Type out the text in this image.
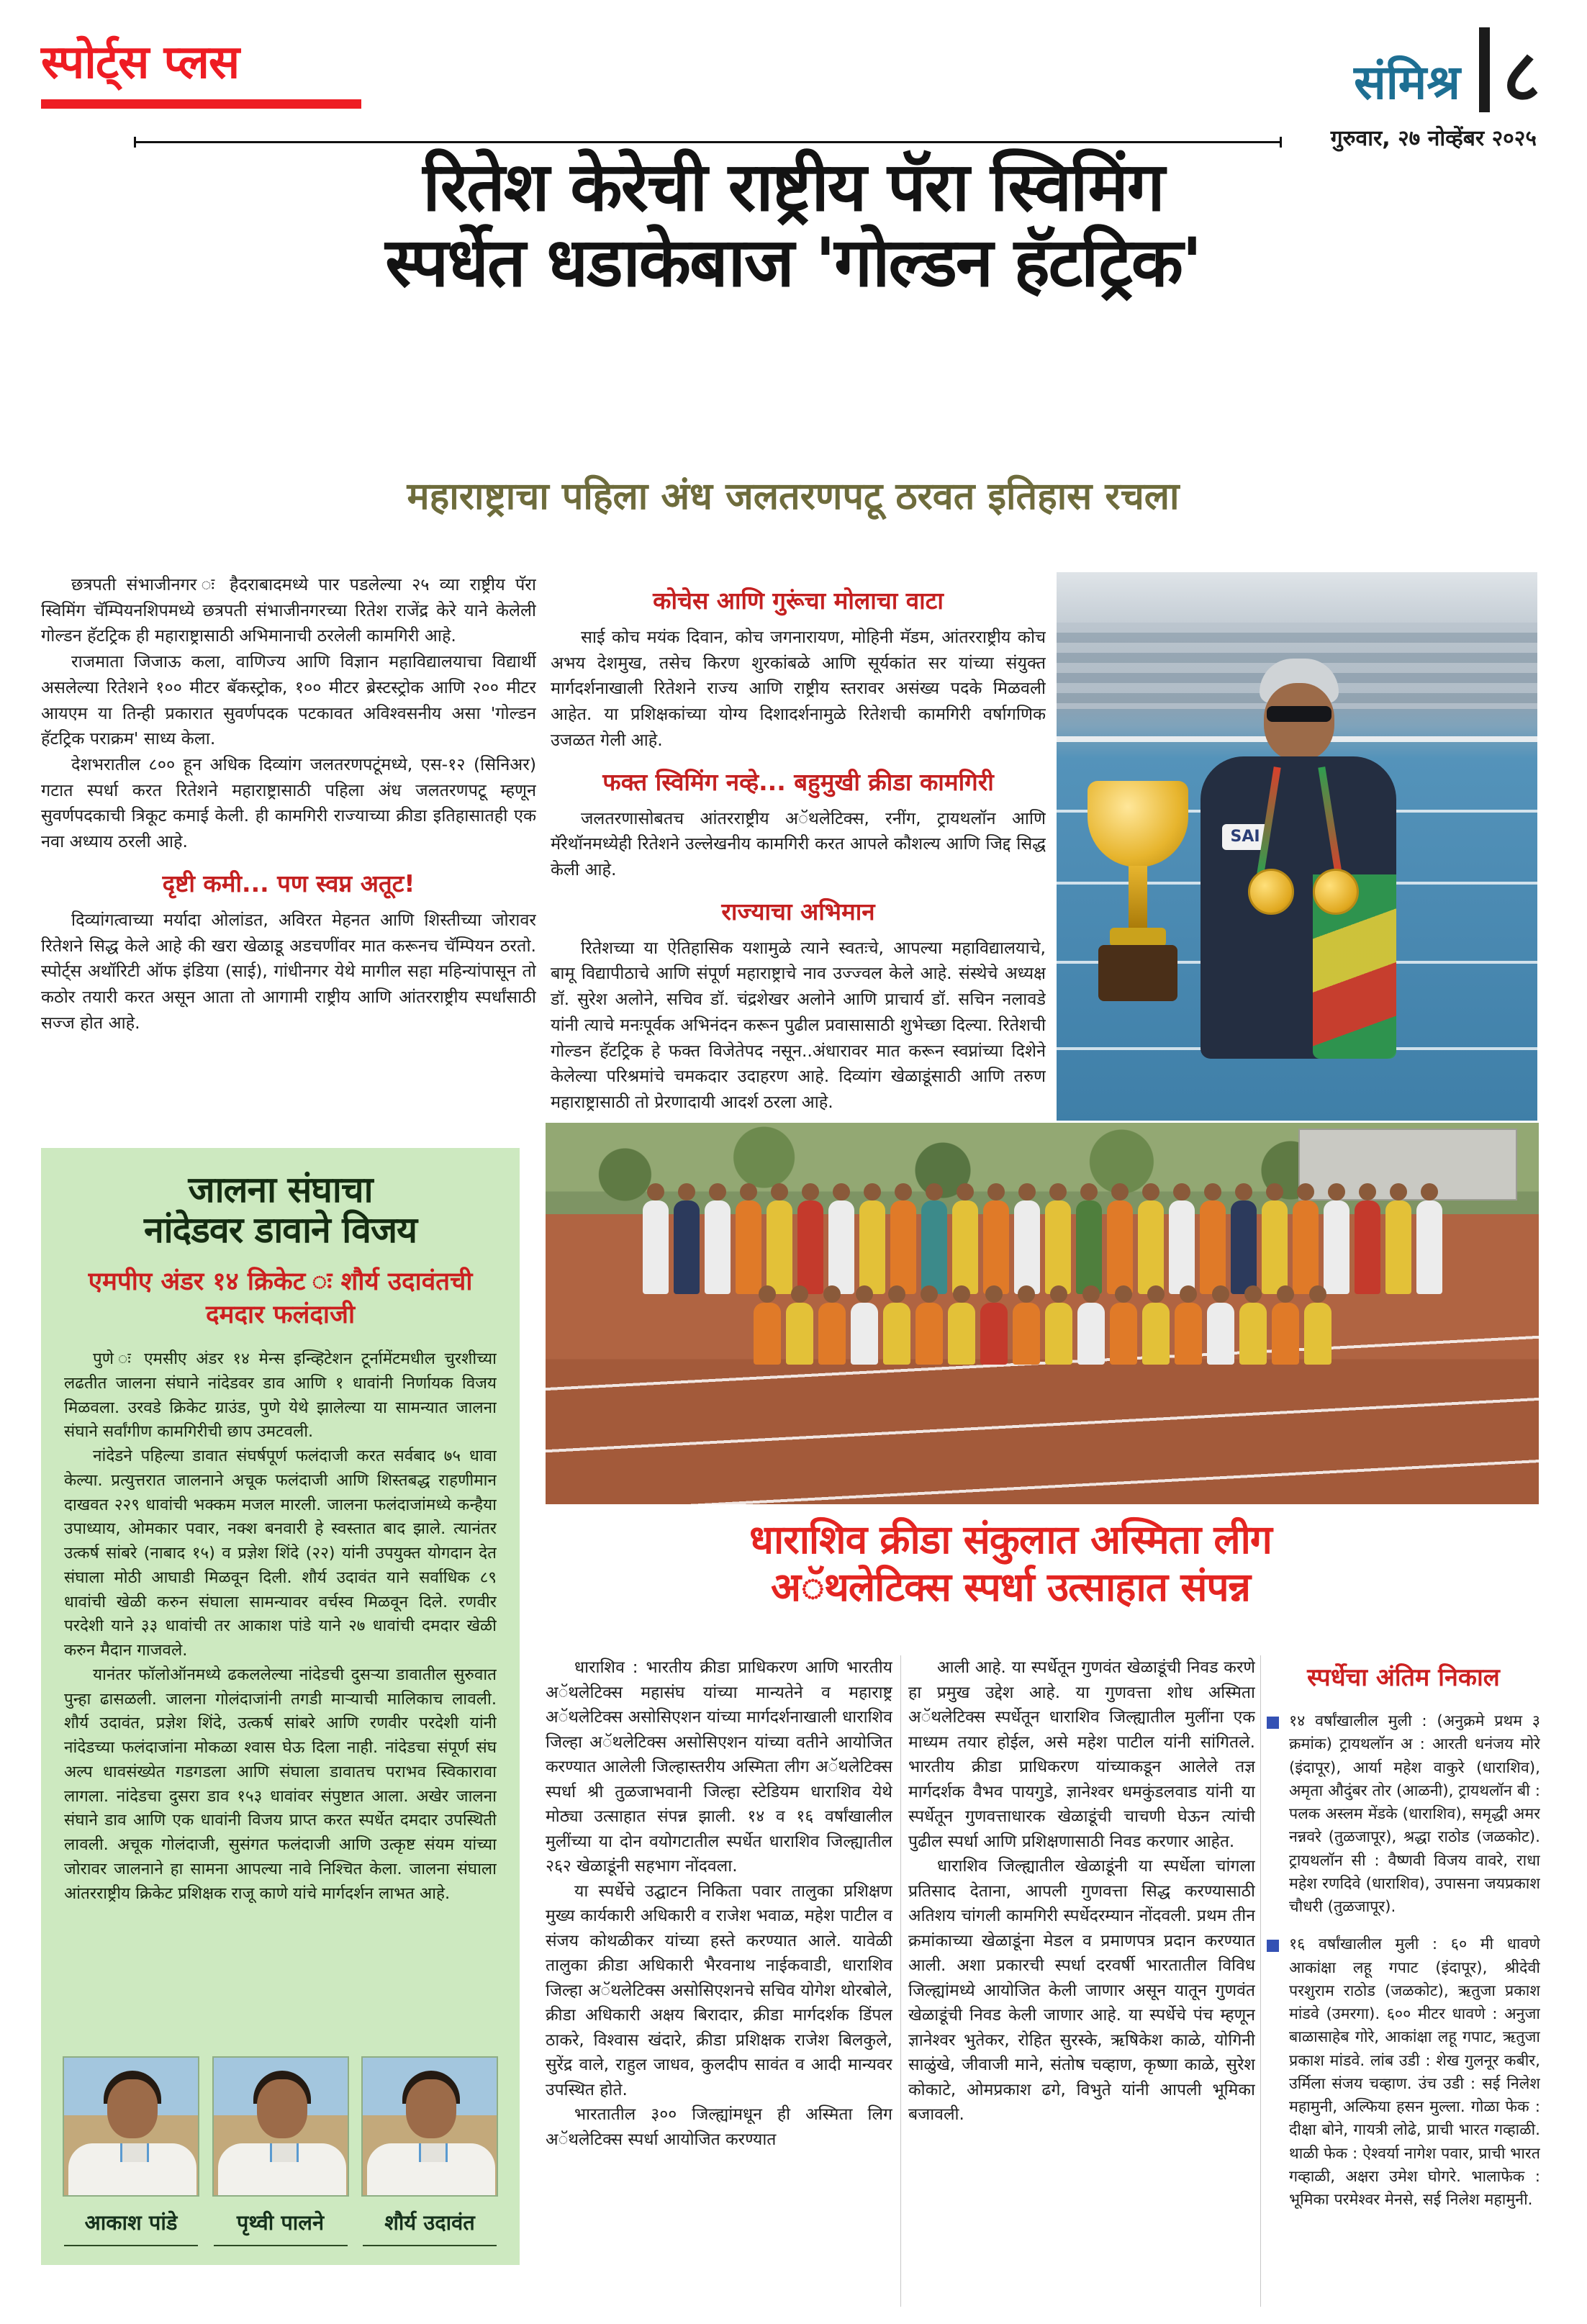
स्पोर्ट्स प्लस	संमिश्र ८
गुरुवार, २७ नोव्हेंबर २०२५
रितेश केरेची राष्ट्रीय पॅरा स्विमिंग
स्पर्धेत धडाकेबाज 'गोल्डन हॅटट्रिक'
महाराष्ट्राचा पहिला अंध जलतरणपटू ठरवत इतिहास रचला

छत्रपती संभाजीनगर ः हैदराबादमध्ये पार पडलेल्या २५ व्या राष्ट्रीय पॅरा स्विमिंग चॅम्पियनशिपमध्ये छत्रपती संभाजीनगरच्या रितेश राजेंद्र केरे याने केलेली गोल्डन हॅटट्रिक ही महाराष्ट्रासाठी अभिमानाची ठरलेली कामगिरी आहे.

राजमाता जिजाऊ कला, वाणिज्य आणि विज्ञान महाविद्यालयाचा विद्यार्थी असलेल्या रितेशने १०० मीटर बॅकस्ट्रोक, १०० मीटर ब्रेस्टस्ट्रोक आणि २०० मीटर आयएम या तिन्ही प्रकारात सुवर्णपदक पटकावत अविश्वसनीय असा 'गोल्डन हॅटट्रिक पराक्रम' साध्य केला.

देशभरातील ८०० हून अधिक दिव्यांग जलतरणपटूंमध्ये, एस-१२ (सिनिअर) गटात स्पर्धा करत रितेशने महाराष्ट्रासाठी पहिला अंध जलतरणपटू म्हणून सुवर्णपदकाची त्रिकूट कमाई केली. ही कामगिरी राज्याच्या क्रीडा इतिहासातही एक नवा अध्याय ठरली आहे.

दृष्टी कमी... पण स्वप्न अतूट!

दिव्यांगत्वाच्या मर्यादा ओलांडत, अविरत मेहनत आणि शिस्तीच्या जोरावर रितेशने सिद्ध केले आहे की खरा खेळाडू अडचणींवर मात करूनच चॅम्पियन ठरतो. स्पोर्ट्स अथॉरिटी ऑफ इंडिया (साई), गांधीनगर येथे मागील सहा महिन्यांपासून तो कठोर तयारी करत असून आता तो आगामी राष्ट्रीय आणि आंतरराष्ट्रीय स्पर्धांसाठी सज्ज होत आहे.

कोचेस आणि गुरूंचा मोलाचा वाटा

साई कोच मयंक दिवान, कोच जगनारायण, मोहिनी मॅडम, आंतरराष्ट्रीय कोच अभय देशमुख, तसेच किरण शुरकांबळे आणि सूर्यकांत सर यांच्या संयुक्त मार्गदर्शनाखाली रितेशने राज्य आणि राष्ट्रीय स्तरावर असंख्य पदके मिळवली आहेत. या प्रशिक्षकांच्या योग्य दिशादर्शनामुळे रितेशची कामगिरी वर्षागणिक उजळत गेली आहे.

फक्त स्विमिंग नव्हे... बहुमुखी क्रीडा कामगिरी

जलतरणासोबतच आंतरराष्ट्रीय अॅथलेटिक्स, रनींग, ट्रायथलॉन आणि मॅरेथॉनमध्येही रितेशने उल्लेखनीय कामगिरी करत आपले कौशल्य आणि जिद्द सिद्ध केली आहे.

राज्याचा अभिमान

रितेशच्या या ऐतिहासिक यशामुळे त्याने स्वतःचे, आपल्या महाविद्यालयाचे, बामू विद्यापीठाचे आणि संपूर्ण महाराष्ट्राचे नाव उज्ज्वल केले आहे. संस्थेचे अध्यक्ष डॉ. सुरेश अलोने, सचिव डॉ. चंद्रशेखर अलोने आणि प्राचार्य डॉ. सचिन नलावडे यांनी त्याचे मनःपूर्वक अभिनंदन करून पुढील प्रवासासाठी शुभेच्छा दिल्या. रितेशची गोल्डन हॅटट्रिक हे फक्त विजेतेपद नसून..अंधारावर मात करून स्वप्नांच्या दिशेने केलेल्या परिश्रमांचे चमकदार उदाहरण आहे. दिव्यांग खेळाडूंसाठी आणि तरुण महाराष्ट्रासाठी तो प्रेरणादायी आदर्श ठरला आहे.

SAI
जालना संघाचा
नांदेडवर डावाने विजय
एमपीए अंडर १४ क्रिकेट ः शौर्य उदावंतची दमदार फलंदाजी

पुणे ः एमसीए अंडर १४ मेन्स इन्व्हिटेशन टूर्नामेंटमधील चुरशीच्या लढतीत जालना संघाने नांदेडवर डाव आणि १ धावांनी निर्णायक विजय मिळवला. उरवडे क्रिकेट ग्राउंड, पुणे येथे झालेल्या या सामन्यात जालना संघाने सर्वांगीण कामगिरीची छाप उमटवली.

नांदेडने पहिल्या डावात संघर्षपूर्ण फलंदाजी करत सर्वबाद ७५ धावा केल्या. प्रत्युत्तरात जालनाने अचूक फलंदाजी आणि शिस्तबद्ध राहणीमान दाखवत २२९ धावांची भक्कम मजल मारली. जालना फलंदाजांमध्ये कन्हैया उपाध्याय, ओमकार पवार, नक्श बनवारी हे स्वस्तात बाद झाले. त्यानंतर उत्कर्ष सांबरे (नाबाद १५) व प्रज्ञेश शिंदे (२२) यांनी उपयुक्त योगदान देत संघाला मोठी आघाडी मिळवून दिली. शौर्य उदावंत याने सर्वाधिक ८९ धावांची खेळी करुन संघाला सामन्यावर वर्चस्व मिळवून दिले. रणवीर परदेशी याने ३३ धावांची तर आकाश पांडे याने २७ धावांची दमदार खेळी करुन मैदान गाजवले.

यानंतर फॉलोऑनमध्ये ढकललेल्या नांदेडची दुसऱ्या डावातील सुरुवात पुन्हा ढासळली. जालना गोलंदाजांनी तगडी माऱ्याची मालिकाच लावली. शौर्य उदावंत, प्रज्ञेश शिंदे, उत्कर्ष सांबरे आणि रणवीर परदेशी यांनी नांदेडच्या फलंदाजांना मोकळा श्वास घेऊ दिला नाही. नांदेडचा संपूर्ण संघ अल्प धावसंख्येत गडगडला आणि संघाला डावातच पराभव स्विकारावा लागला. नांदेडचा दुसरा डाव १५३ धावांवर संपुष्टात आला. अखेर जालना संघाने डाव आणि एक धावांनी विजय प्राप्त करत स्पर्धेत दमदार उपस्थिती लावली. अचूक गोलंदाजी, सुसंगत फलंदाजी आणि उत्कृष्ट संयम यांच्या जोरावर जालनाने हा सामना आपल्या नावे निश्चित केला. जालना संघाला आंतरराष्ट्रीय क्रिकेट प्रशिक्षक राजू काणे यांचे मार्गदर्शन लाभत आहे.

आकाश पांडे	पृथ्वी पालने	शौर्य उदावंत
धाराशिव क्रीडा संकुलात अस्मिता लीग
अॅथलेटिक्स स्पर्धा उत्साहात संपन्न

धाराशिव : भारतीय क्रीडा प्राधिकरण आणि भारतीय अॅथलेटिक्स महासंघ यांच्या मान्यतेने व महाराष्ट्र अॅथलेटिक्स असोसिएशन यांच्या मार्गदर्शनाखाली धाराशिव जिल्हा अॅथलेटिक्स असोसिएशन यांच्या वतीने आयोजित करण्यात आलेली जिल्हास्तरीय अस्मिता लीग अॅथलेटिक्स स्पर्धा श्री तुळजाभवानी जिल्हा स्टेडियम धाराशिव येथे मोठ्या उत्साहात संपन्न झाली. १४ व १६ वर्षांखालील मुलींच्या या दोन वयोगटातील स्पर्धेत धाराशिव जिल्ह्यातील २६२ खेळाडूंनी सहभाग नोंदवला.

या स्पर्धेचे उद्घाटन निकिता पवार तालुका प्रशिक्षण मुख्य कार्यकारी अधिकारी व राजेश भवाळ, महेश पाटील व संजय कोथळीकर यांच्या हस्ते करण्यात आले. यावेळी तालुका क्रीडा अधिकारी भैरवनाथ नाईकवाडी, धाराशिव जिल्हा अॅथलेटिक्स असोसिएशनचे सचिव योगेश थोरबोले, क्रीडा अधिकारी अक्षय बिरादार, क्रीडा मार्गदर्शक डिंपल ठाकरे, विश्वास खंदारे, क्रीडा प्रशिक्षक राजेश बिलकुले, सुरेंद्र वाले, राहुल जाधव, कुलदीप सावंत व आदी मान्यवर उपस्थित होते.

भारतातील ३०० जिल्ह्यांमधून ही अस्मिता लिग अॅथलेटिक्स स्पर्धा आयोजित करण्यात

आली आहे. या स्पर्धेतून गुणवंत खेळाडूंची निवड करणे हा प्रमुख उद्देश आहे. या गुणवत्ता शोध अस्मिता अॅथलेटिक्स स्पर्धेतून धाराशिव जिल्ह्यातील मुलींना एक माध्यम तयार होईल, असे महेश पाटील यांनी सांगितले. भारतीय क्रीडा प्राधिकरण यांच्याकडून आलेले तज्ञ मार्गदर्शक वैभव पायगुडे, ज्ञानेश्वर धमकुंडलवाड यांनी या स्पर्धेतून गुणवत्ताधारक खेळाडूंची चाचणी घेऊन त्यांची पुढील स्पर्धा आणि प्रशिक्षणासाठी निवड करणार आहेत.

धाराशिव जिल्ह्यातील खेळाडूंनी या स्पर्धेला चांगला प्रतिसाद देताना, आपली गुणवत्ता सिद्ध करण्यासाठी अतिशय चांगली कामगिरी स्पर्धेदरम्यान नोंदवली. प्रथम तीन क्रमांकाच्या खेळाडूंना मेडल व प्रमाणपत्र प्रदान करण्यात आली. अशा प्रकारची स्पर्धा दरवर्षी भारतातील विविध जिल्ह्यांमध्ये आयोजित केली जाणार असून यातून गुणवंत खेळाडूंची निवड केली जाणार आहे. या स्पर्धेचे पंच म्हणून ज्ञानेश्वर भुतेकर, रोहित सुरस्के, ऋषिकेश काळे, योगिनी साळुंखे, जीवाजी माने, संतोष चव्हाण, कृष्णा काळे, सुरेश कोकाटे, ओमप्रकाश ढगे, विभुते यांनी आपली भूमिका बजावली.

स्पर्धेचा अंतिम निकाल
१४ वर्षांखालील मुली : (अनुक्रमे प्रथम ३ क्रमांक) ट्रायथलॉन अ : आरती धनंजय मोरे (इंदापूर), आर्या महेश वाकुरे (धाराशिव), अमृता औदुंबर तोर (आळनी), ट्रायथलॉन बी : पलक अस्लम मेंडके (धाराशिव), समृद्धी अमर नन्नवरे (तुळजापूर), श्रद्धा राठोड (जळकोट). ट्रायथलॉन सी : वैष्णवी विजय वावरे, राधा महेश रणदिवे (धाराशिव), उपासना जयप्रकाश चौधरी (तुळजापूर).
१६ वर्षांखालील मुली : ६० मी धावणे आकांक्षा लहू गपाट (इंदापूर), श्रीदेवी परशुराम राठोड (जळकोट), ऋतुजा प्रकाश मांडवे (उमरगा). ६०० मीटर धावणे : अनुजा बाळासाहेब गोरे, आकांक्षा लहू गपाट, ऋतुजा प्रकाश मांडवे. लांब उडी : शेख गुलनूर कबीर, उर्मिला संजय चव्हाण. उंच उडी : सई निलेश महामुनी, अल्फिया हसन मुल्ला. गोळा फेक : दीक्षा बोने, गायत्री लोढे, प्राची भारत गव्हाळी. थाळी फेक : ऐश्वर्या नागेश पवार, प्राची भारत गव्हाळी, अक्षरा उमेश घोगरे. भालाफेक : भूमिका परमेश्वर मेनसे, सई निलेश महामुनी.
